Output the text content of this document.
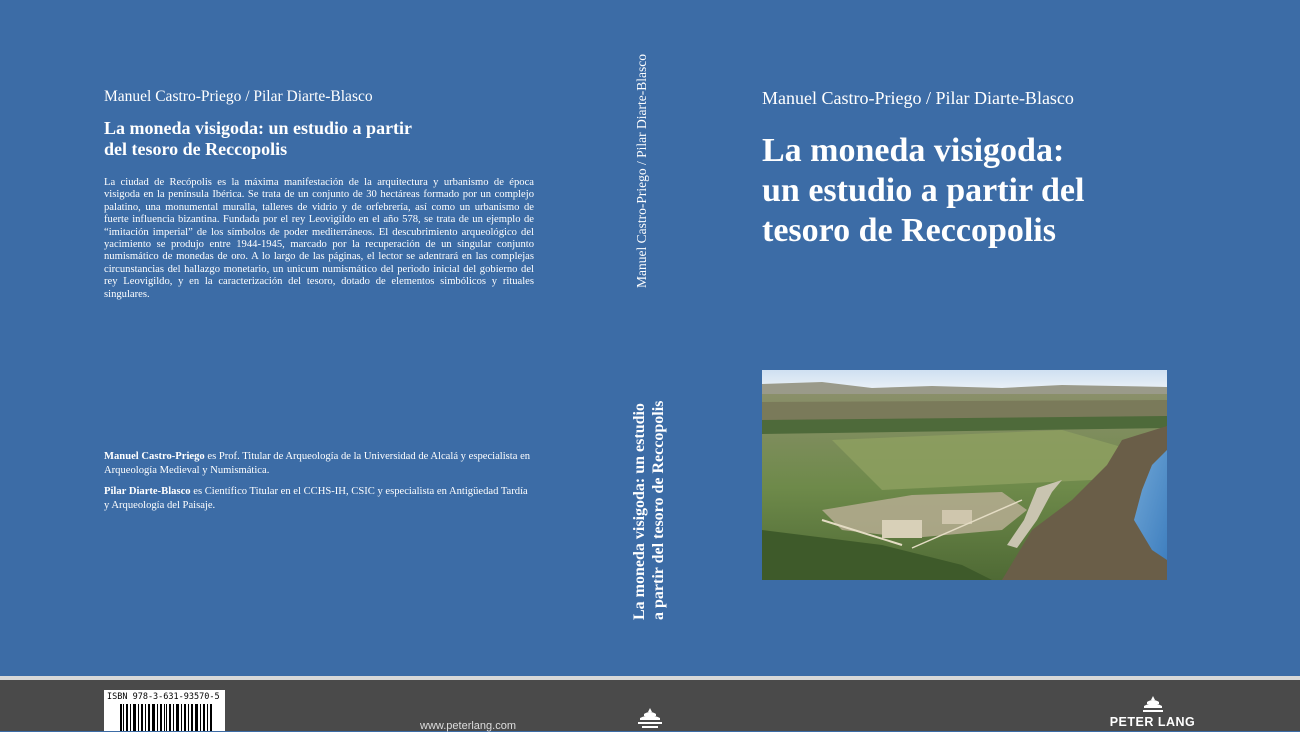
Manuel Castro-Priego / Pilar Diarte-Blasco
La moneda visigoda: un estudio a partir
del tesoro de Reccopolis
La ciudad de Recópolis es la máxima manifestación de la arquitectura y urbanismo de época visigoda en la península Ibérica. Se trata de un conjunto de 30 hectáreas formado por un complejo palatino, una monumental muralla, talleres de vidrio y de orfebrería, así como un urbanismo de fuerte influencia bizantina. Fundada por el rey Leovigildo en el año 578, se trata de un ejemplo de “imitación imperial” de los símbolos de poder mediterráneos. El descubrimiento arqueológico del yacimiento se produjo entre 1944-1945, marcado por la recuperación de un singular conjunto numismático de monedas de oro. A lo largo de las páginas, el lector se adentrará en las complejas circunstancias del hallazgo monetario, un unicum numismático del periodo inicial del gobierno del rey Leovigildo, y en la caracterización del tesoro, dotado de elementos simbólicos y rituales singulares.

Manuel Castro-Priego es Prof. Titular de Arqueología de la Universidad de Alcalá y especialista en Arqueología Medieval y Numismática.

Pilar Diarte-Blasco es Científico Titular en el CCHS-IH, CSIC y especialista en Antigüedad Tardía y Arqueología del Paisaje.

Manuel Castro-Priego / Pilar Diarte-Blasco
La moneda visigoda: un estudio a partir del tesoro de Reccopolis
Manuel Castro-Priego / Pilar Diarte-Blasco
La moneda visigoda:
un estudio a partir del
tesoro de Reccopolis
ISBN 978-3-631-93570-5
www.peterlang.com	PETER LANG
